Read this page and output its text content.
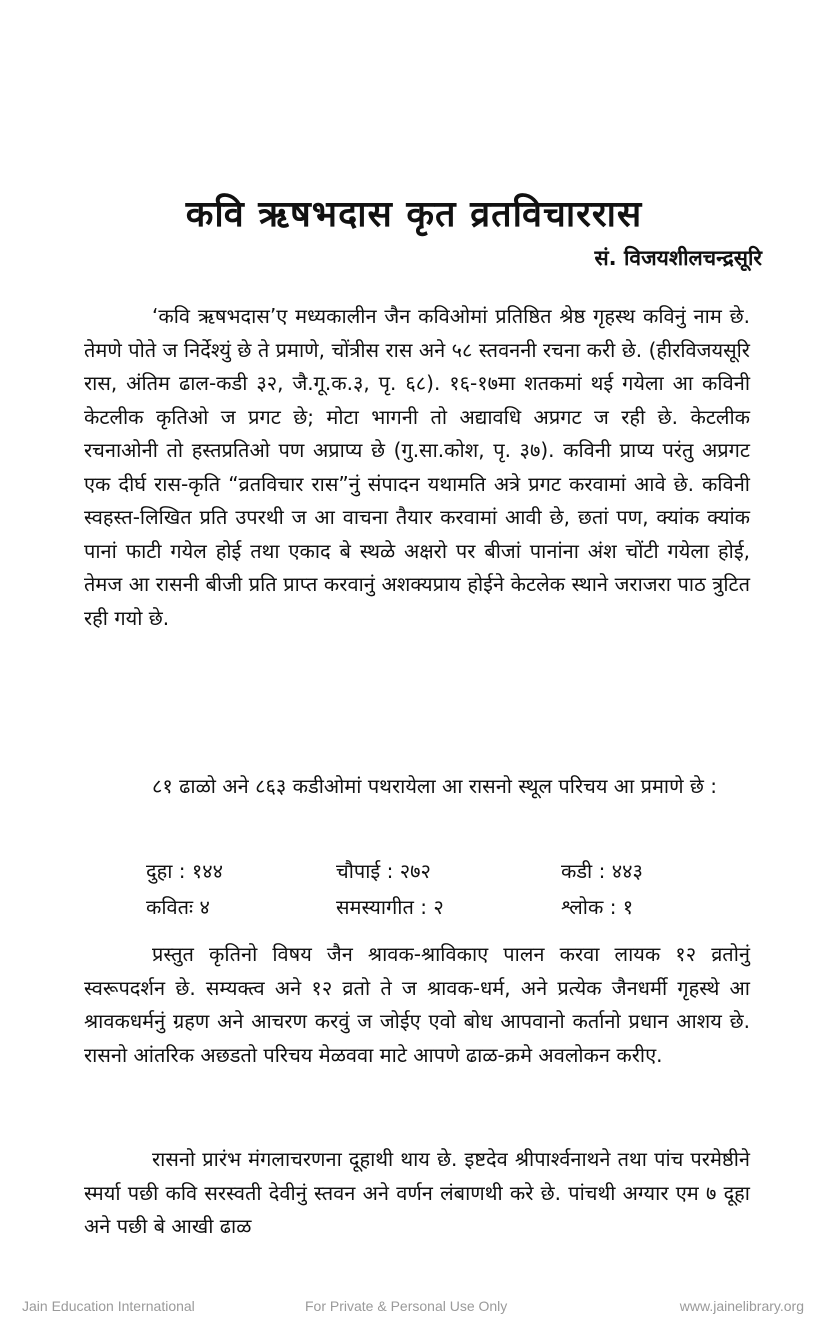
कवि ऋषभदास कृत व्रतविचाररास
सं. विजयशीलचन्द्रसूरि

‘कवि ऋषभदास’ए मध्यकालीन जैन कविओमां प्रतिष्ठित श्रेष्ठ गृहस्थ कविनुं नाम छे. तेमणे पोते ज निर्देश्युं छे ते प्रमाणे, चोंत्रीस रास अने ५८ स्तवननी रचना करी छे. (हीरविजयसूरि रास, अंतिम ढाल-कडी ३२, जै.गू.क.३, पृ. ६८). १६-१७मा शतकमां थई गयेला आ कविनी केटलीक कृतिओ ज प्रगट छे; मोटा भागनी तो अद्यावधि अप्रगट ज रही छे. केटलीक रचनाओनी तो हस्तप्रतिओ पण अप्राप्य छे (गु.सा.कोश, पृ. ३७). कविनी प्राप्य परंतु अप्रगट एक दीर्घ रास-कृति “व्रतविचार रास”नुं संपादन यथामति अत्रे प्रगट करवामां आवे छे. कविनी स्वहस्त-लिखित प्रति उपरथी ज आ वाचना तैयार करवामां आवी छे, छतां पण, क्यांक क्यांक पानां फाटी गयेल होई तथा एकाद बे स्थळे अक्षरो पर बीजां पानांना अंश चोंटी गयेला होई, तेमज आ रासनी बीजी प्रति प्राप्त करवानुं अशक्यप्राय होईने केटलेक स्थाने जराजरा पाठ त्रुटित रही गयो छे.

८१ ढाळो अने ८६३ कडीओमां पथरायेला आ रासनो स्थूल परिचय आ प्रमाणे छे :

दुहा : १४४	चौपाई : २७२	कडी : ४४३
कवितः ४	समस्यागीत : २	श्लोक : १

प्रस्तुत कृतिनो विषय जैन श्रावक-श्राविकाए पालन करवा लायक १२ व्रतोनुं स्वरूपदर्शन छे. सम्यक्त्व अने १२ व्रतो ते ज श्रावक-धर्म, अने प्रत्येक जैनधर्मी गृहस्थे आ श्रावकधर्मनुं ग्रहण अने आचरण करवुं ज जोईए एवो बोध आपवानो कर्तानो प्रधान आशय छे. रासनो आंतरिक अछडतो परिचय मेळववा माटे आपणे ढाळ-क्रमे अवलोकन करीए.

रासनो प्रारंभ मंगलाचरणना दूहाथी थाय छे. इष्टदेव श्रीपार्श्वनाथने तथा पांच परमेष्ठीने स्मर्या पछी कवि सरस्वती देवीनुं स्तवन अने वर्णन लंबाणथी करे छे. पांचथी अग्यार एम ७ दूहा अने पछी बे आखी ढाळ

Jain Education International	For Private & Personal Use Only	www.jainelibrary.org
